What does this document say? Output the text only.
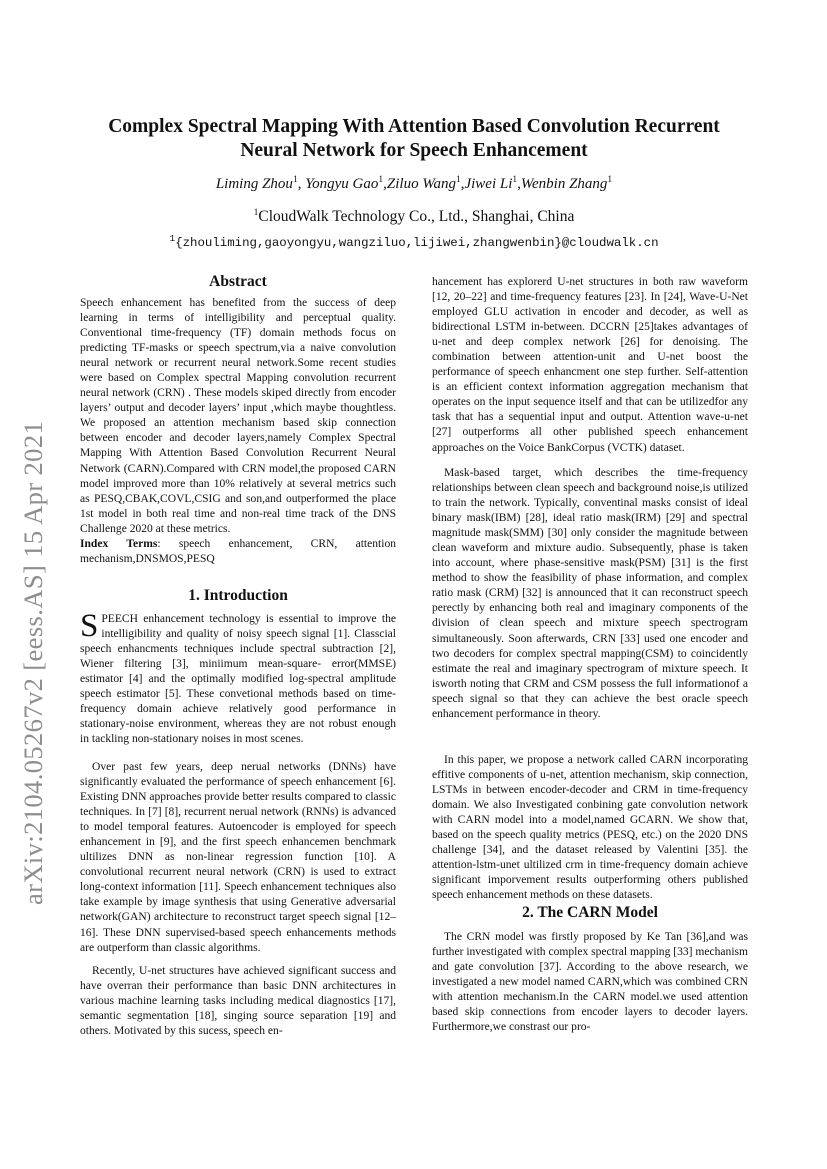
arXiv:2104.05267v2 [eess.AS] 15 Apr 2021
Complex Spectral Mapping With Attention Based Convolution Recurrent
Neural Network for Speech Enhancement
Liming Zhou$^1$, Yongyu Gao$^1$,Ziluo Wang$^1$,Jiwei Li$^1$,Wenbin Zhang$^1$
$^1$CloudWalk Technology Co., Ltd., Shanghai, China
$^1${zhouliming,gaoyongyu,wangziluo,lijiwei,zhangwenbin}@cloudwalk.cn
Abstract
Speech enhancement has benefited from the success of deep learning in terms of intelligibility and perceptual quality. Conventional time-frequency (TF) domain methods focus on predicting TF-masks or speech spectrum,via a naive convolution neural network or recurrent neural network.Some recent studies were based on Complex spectral Mapping convolution recurrent neural network (CRN) . These models skiped directly from encoder layers’ output and decoder layers’ input ,which maybe thoughtless. We proposed an attention mechanism based skip connection between encoder and decoder layers,namely Complex Spectral Mapping With Attention Based Convolution Recurrent Neural Network (CARN).Compared with CRN model,the proposed CARN model improved more than 10% relatively at several metrics such as PESQ,CBAK,COVL,CSIG and son,and outperformed the place 1st model in both real time and non-real time track of the DNS Challenge 2020 at these metrics.
Index Terms: speech enhancement, CRN, attention mechanism,DNSMOS,PESQ
1. Introduction
SPEECH enhancement technology is essential to improve the intelligibility and quality of noisy speech signal [1]. Classcial speech enhancments techniques include spectral subtraction [2], Wiener filtering [3], miniimum mean-square- error(MMSE) estimator [4] and the optimally modified log-spectral amplitude speech estimator [5]. These convetional methods based on time-frequency domain achieve relatively good performance in stationary-noise environment, whereas they are not robust enough in tackling non-stationary noises in most scenes.
Over past few years, deep nerual networks (DNNs) have significantly evaluated the performance of speech enhancement [6]. Existing DNN approaches provide better results compared to classic techniques. In [7] [8], recurrent nerual network (RNNs) is advanced to model temporal features. Autoencoder is employed for speech enhancement in [9], and the first speech enhancemen benchmark ultilizes DNN as non-linear regression function [10]. A convolutional recurrent neural network (CRN) is used to extract long-context information [11]. Speech enhancement techniques also take example by image synthesis that using Generative adversarial network(GAN) architecture to reconstruct target speech signal [12–16]. These DNN supervised-based speech enhancements methods are outperform than classic algorithms.
Recently, U-net structures have achieved significant success and have overran their performance than basic DNN architectures in various machine learning tasks including medical diagnostics [17], semantic segmentation [18], singing source separation [19] and others. Motivated by this sucess, speech en-
hancement has explorerd U-net structures in both raw waveform [12, 20–22] and time-frequency features [23]. In [24], Wave-U-Net employed GLU activation in encoder and decoder, as well as bidirectional LSTM in-between. DCCRN [25]takes advantages of u-net and deep complex network [26] for denoising. The combination between attention-unit and U-net boost the performance of speech enhancment one step further. Self-attention is an efficient context information aggregation mechanism that operates on the input sequence itself and that can be utilizedfor any task that has a sequential input and output. Attention wave-u-net [27] outperforms all other published speech enhancement approaches on the Voice BankCorpus (VCTK) dataset.
Mask-based target, which describes the time-frequency relationships between clean speech and background noise,is utilized to train the network. Typically, conventinal masks consist of ideal binary mask(IBM) [28], ideal ratio mask(IRM) [29] and spectral magnitude mask(SMM) [30] only consider the magnitude between clean waveform and mixture audio. Subsequently, phase is taken into account, where phase-sensitive mask(PSM) [31] is the first method to show the feasibility of phase information, and complex ratio mask (CRM) [32] is announced that it can reconstruct speech perectly by enhancing both real and imaginary components of the division of clean speech and mixture speech spectrogram simultaneously. Soon afterwards, CRN [33] used one encoder and two decoders for complex spectral mapping(CSM) to coincidently estimate the real and imaginary spectrogram of mixture speech. It isworth noting that CRM and CSM possess the full informationof a speech signal so that they can achieve the best oracle speech enhancement performance in theory.
In this paper, we propose a network called CARN incorporating effitive components of u-net, attention mechanism, skip connection, LSTMs in between encoder-decoder and CRM in time-frequency domain. We also Investigated conbining gate convolution network with CARN model into a model,named GCARN. We show that, based on the speech quality metrics (PESQ, etc.) on the 2020 DNS challenge [34], and the dataset released by Valentini [35]. the attention-lstm-unet ultilized crm in time-frequency domain achieve significant imporvement results outperforming others published speech enhancement methods on these datasets.
2. The CARN Model
The CRN model was firstly proposed by Ke Tan [36],and was further investigated with complex spectral mapping [33] mechanism and gate convolution [37]. According to the above research, we investigated a new model named CARN,which was combined CRN with attention mechanism.In the CARN model.we used attention based skip connections from encoder layers to decoder layers. Furthermore,we constrast our pro-
